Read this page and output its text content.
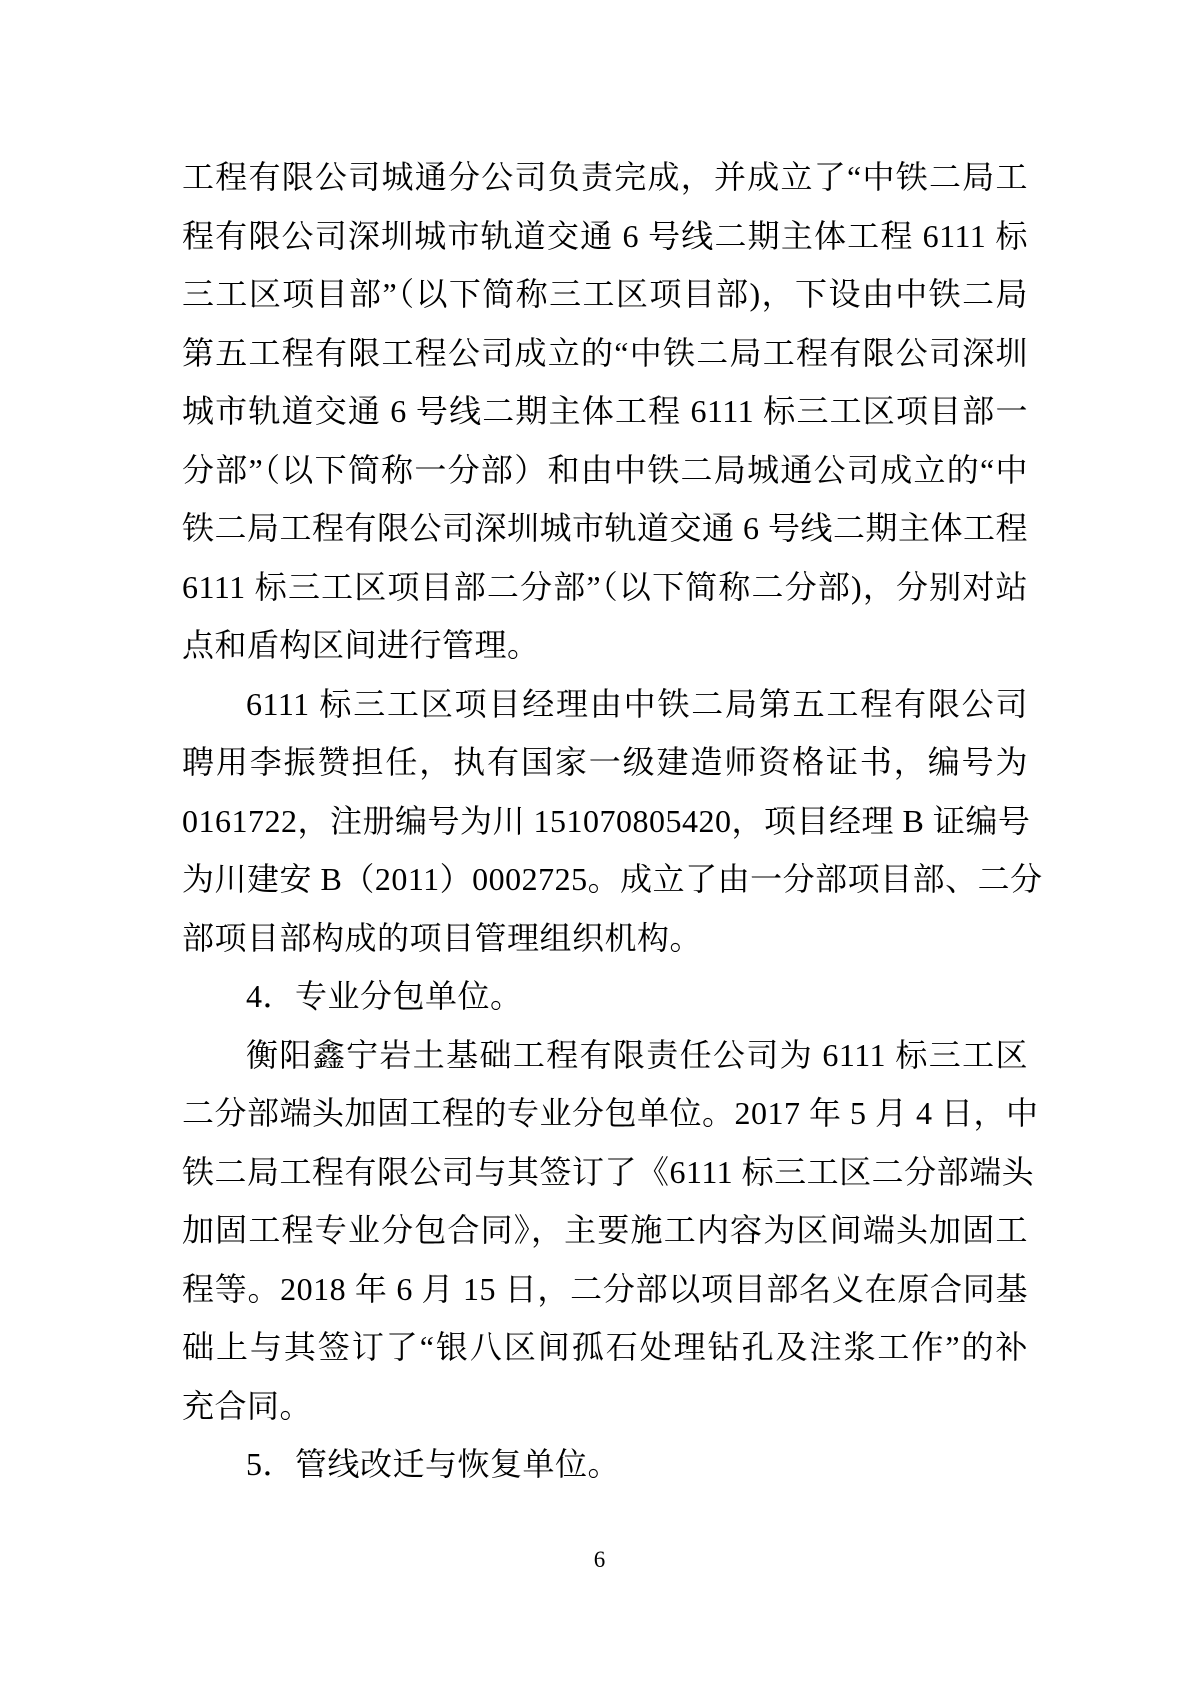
工程有限公司城通分公司负责完成，并成立了“中铁二局工
程有限公司深圳城市轨道交通 6 号线二期主体工程 6111 标
三工区项目部”（以下简称三工区项目部)，下设由中铁二局
第五工程有限工程公司成立的“中铁二局工程有限公司深圳
城市轨道交通 6 号线二期主体工程 6111 标三工区项目部一
分部”（以下简称一分部）和由中铁二局城通公司成立的“中
铁二局工程有限公司深圳城市轨道交通 6 号线二期主体工程
6111 标三工区项目部二分部”（以下简称二分部)，分别对站
点和盾构区间进行管理。
6111 标三工区项目经理由中铁二局第五工程有限公司
聘用李振赞担任，执有国家一级建造师资格证书，编号为
0161722，注册编号为川 151070805420，项目经理 B 证编号
为川建安 B（2011）0002725。成立了由一分部项目部、二分
部项目部构成的项目管理组织机构。
4．专业分包单位。
衡阳鑫宁岩土基础工程有限责任公司为 6111 标三工区
二分部端头加固工程的专业分包单位。2017 年 5 月 4 日，中
铁二局工程有限公司与其签订了《6111 标三工区二分部端头
加固工程专业分包合同》，主要施工内容为区间端头加固工
程等。2018 年 6 月 15 日，二分部以项目部名义在原合同基
础上与其签订了“银八区间孤石处理钻孔及注浆工作”的补
充合同。
5．管线改迁与恢复单位。
6
